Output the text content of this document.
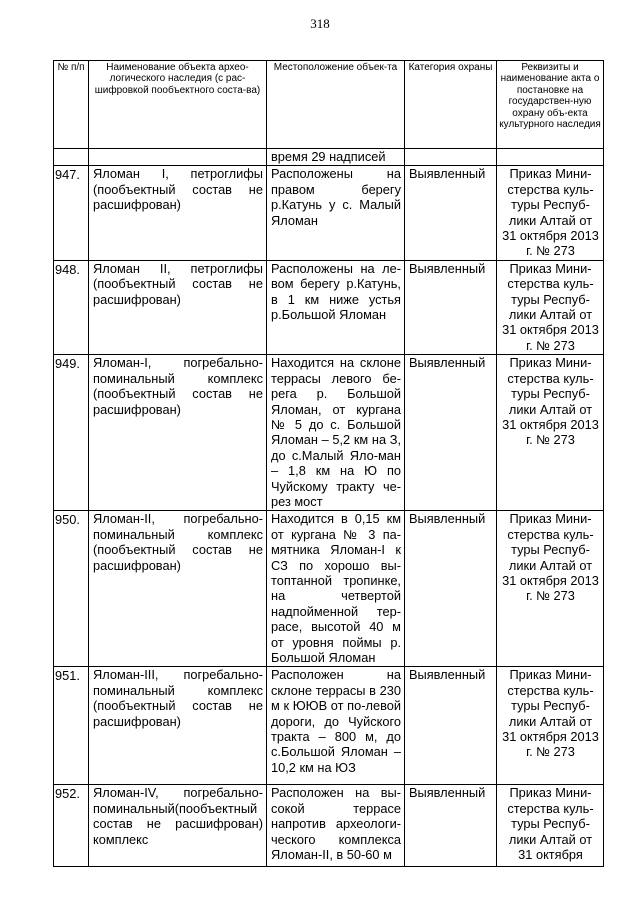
318
№ п/п	Наименование объекта архео-логического наследия (с рас-шифровкой пообъектного соста-ва)	Местоположение объек-та	Категория охраны	Реквизиты и наименование акта о постановке на государствен-ную охрану объ-екта культурного наследия

		время 29 надписей		

947.	Яломан I, петроглифы (пообъектный состав не расшифрован)	Расположены на правом берегу р.Катунь у с. Малый Яломан	Выявленный	Приказ Мини-стерства куль-туры Респуб-лики Алтай от 31 октября 2013 г. № 273

948.	Яломан II, петроглифы (пообъектный состав не расшифрован)	Расположены на ле-вом берегу р.Катунь, в 1 км ниже устья р.Большой Яломан	Выявленный	Приказ Мини-стерства куль-туры Респуб-лики Алтай от 31 октября 2013 г. № 273

949.	Яломан-I, погребально-поминальный комплекс (пообъектный состав не расшифрован)	Находится на склоне террасы левого бе-рега р. Большой Яломан, от кургана № 5 до с. Большой Яломан – 5,2 км на З, до с.Малый Яло-ман – 1,8 км на Ю по Чуйскому тракту че-рез мост	Выявленный	Приказ Мини-стерства куль-туры Респуб-лики Алтай от 31 октября 2013 г. № 273

950.	Яломан-II, погребально-поминальный комплекс (пообъектный состав не расшифрован)	Находится в 0,15 км от кургана № 3 па-мятника Яломан-I к СЗ по хорошо вы-топтанной тропинке, на четвертой надпойменной тер-расе, высотой 40 м от уровня поймы р. Большой Яломан	Выявленный	Приказ Мини-стерства куль-туры Респуб-лики Алтай от 31 октября 2013 г. № 273

951.	Яломан-III, погребально-поминальный комплекс (пообъектный состав не расшифрован)	Расположен на склоне террасы в 230 м к ЮЮВ от по-левой дороги, до Чуйского тракта – 800 м, до с.Большой Яломан – 10,2 км на ЮЗ	Выявленный	Приказ Мини-стерства куль-туры Респуб-лики Алтай от 31 октября 2013 г. № 273

952.	Яломан-IV, погребально-поминальный(пообъектный состав не расшифрован) комплекс	Расположен на вы-сокой террасе напротив археологи-ческого комплекса Яломан-II, в 50-60 м	Выявленный	Приказ Мини-стерства куль-туры Респуб-лики Алтай от 31 октября
